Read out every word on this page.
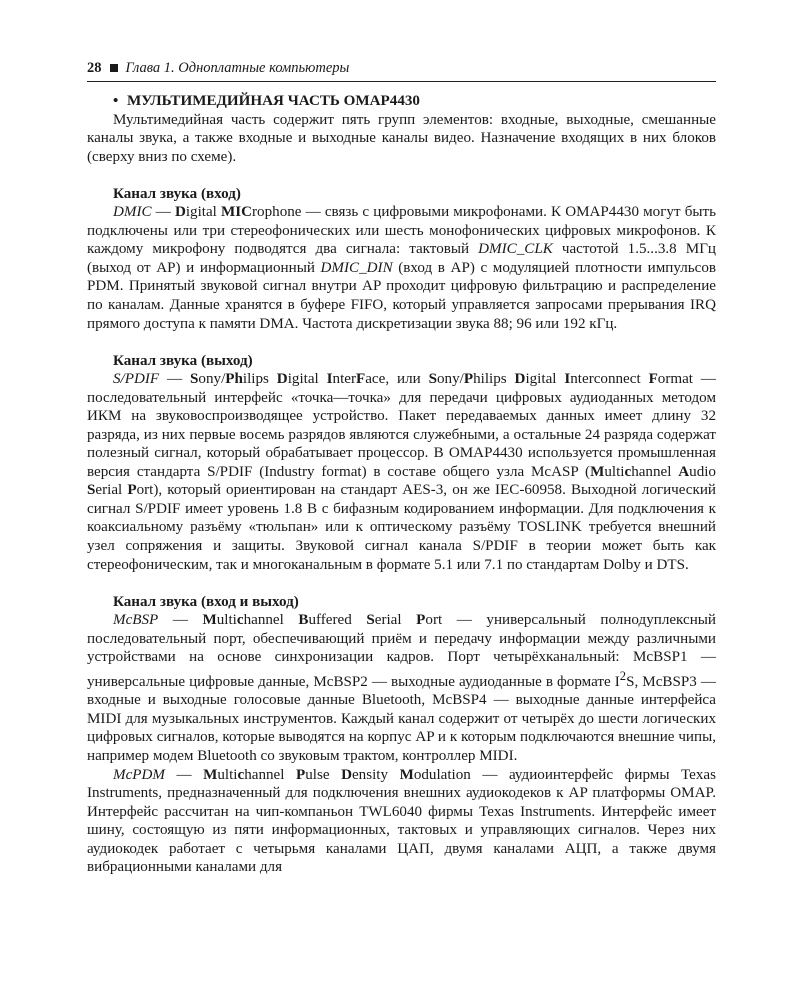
28 Глава 1. Одноплатные компьютеры
• МУЛЬТИМЕДИЙНАЯ ЧАСТЬ OMAP4430

Мультимедийная часть содержит пять групп элементов: входные, выходные, смешанные каналы звука, а также входные и выходные каналы видео. Назначение входящих в них блоков (сверху вниз по схеме).

Канал звука (вход)

DMIC — Digital MICrophone — связь с цифровыми микрофонами. К OMAP4430 могут быть подключены или три стереофонических или шесть монофонических цифровых микрофонов. К каждому микрофону подводятся два сигнала: тактовый DMIC_CLK частотой 1.5...3.8 МГц (выход от AP) и информационный DMIC_DIN (вход в AP) с модуляцией плотности импульсов PDM. Принятый звуковой сигнал внутри AP проходит цифровую фильтрацию и распределение по каналам. Данные хранятся в буфере FIFO, который управляется запросами прерывания IRQ прямого доступа к памяти DMA. Частота дискретизации звука 88; 96 или 192 кГц.

Канал звука (выход)

S/PDIF — Sony/Philips Digital InterFace, или Sony/Philips Digital Interconnect Format — последовательный интерфейс «точка—точка» для передачи цифровых аудиоданных методом ИКМ на звуковоспроизводящее устройство. Пакет передаваемых данных имеет длину 32 разряда, из них первые восемь разрядов являются служебными, а остальные 24 разряда содержат полезный сигнал, который обрабатывает процессор. В OMAP4430 используется промышленная версия стандарта S/PDIF (Industry format) в составе общего узла McASP (Multichannel Audio Serial Port), который ориентирован на стандарт AES-3, он же IEC-60958. Выходной логический сигнал S/PDIF имеет уровень 1.8 В с бифазным кодированием информации. Для подключения к коаксиальному разъёму «тюльпан» или к оптическому разъёму TOSLINK требуется внешний узел сопряжения и защиты. Звуковой сигнал канала S/PDIF в теории может быть как стереофоническим, так и многоканальным в формате 5.1 или 7.1 по стандартам Dolby и DTS.

Канал звука (вход и выход)

McBSP — Multichannel Buffered Serial Port — универсальный полнодуплексный последовательный порт, обеспечивающий приём и передачу информации между различными устройствами на основе синхронизации кадров. Порт четырёхканальный: McBSP1 — универсальные цифровые данные, McBSP2 — выходные аудиоданные в формате $I^2S$, McBSP3 — входные и выходные голосовые данные Bluetooth, McBSP4 — выходные данные интерфейса MIDI для музыкальных инструментов. Каждый канал содержит от четырёх до шести логических цифровых сигналов, которые выводятся на корпус AP и к которым подключаются внешние чипы, например модем Bluetooth со звуковым трактом, контроллер MIDI.

McPDM — Multichannel Pulse Density Modulation — аудиоинтерфейс фирмы Texas Instruments, предназначенный для подключения внешних аудиокодеков к AP платформы OMAP. Интерфейс рассчитан на чип-компаньон TWL6040 фирмы Texas Instruments. Интерфейс имеет шину, состоящую из пяти информационных, тактовых и управляющих сигналов. Через них аудиокодек работает с четырьмя каналами ЦАП, двумя каналами АЦП, а также двумя вибрационными каналами для
